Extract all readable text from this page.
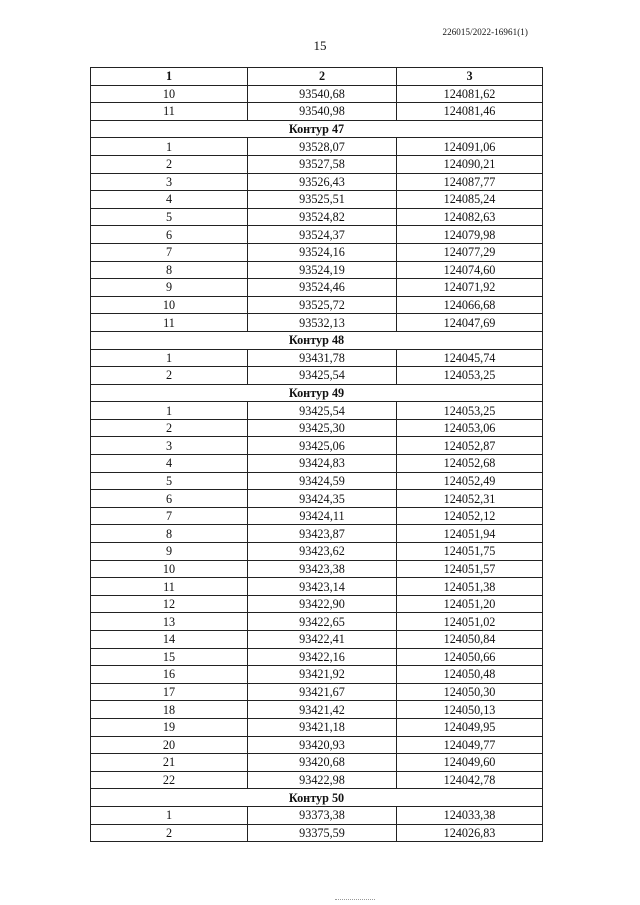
226015/2022-16961(1)
15
1	2	3
10	93540,68	124081,62
11	93540,98	124081,46
Контур 47		
1	93528,07	124091,06
2	93527,58	124090,21
3	93526,43	124087,77
4	93525,51	124085,24
5	93524,82	124082,63
6	93524,37	124079,98
7	93524,16	124077,29
8	93524,19	124074,60
9	93524,46	124071,92
10	93525,72	124066,68
11	93532,13	124047,69
Контур 48		
1	93431,78	124045,74
2	93425,54	124053,25
Контур 49		
1	93425,54	124053,25
2	93425,30	124053,06
3	93425,06	124052,87
4	93424,83	124052,68
5	93424,59	124052,49
6	93424,35	124052,31
7	93424,11	124052,12
8	93423,87	124051,94
9	93423,62	124051,75
10	93423,38	124051,57
11	93423,14	124051,38
12	93422,90	124051,20
13	93422,65	124051,02
14	93422,41	124050,84
15	93422,16	124050,66
16	93421,92	124050,48
17	93421,67	124050,30
18	93421,42	124050,13
19	93421,18	124049,95
20	93420,93	124049,77
21	93420,68	124049,60
22	93422,98	124042,78
Контур 50		
1	93373,38	124033,38
2	93375,59	124026,83
